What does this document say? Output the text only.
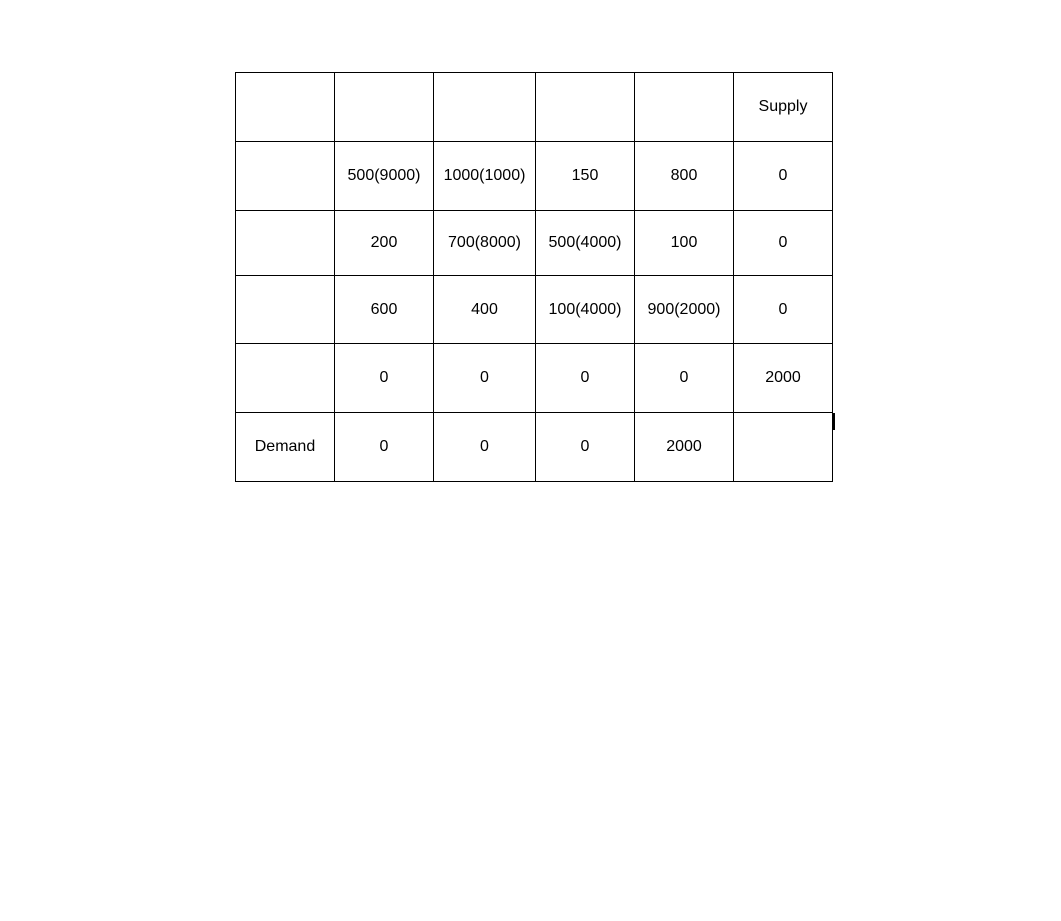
					Supply
	500(9000)	1000(1000)	150	800	0
	200	700(8000)	500(4000)	100	0
	600	400	100(4000)	900(2000)	0
	0	0	0	0	2000
Demand	0	0	0	2000	
